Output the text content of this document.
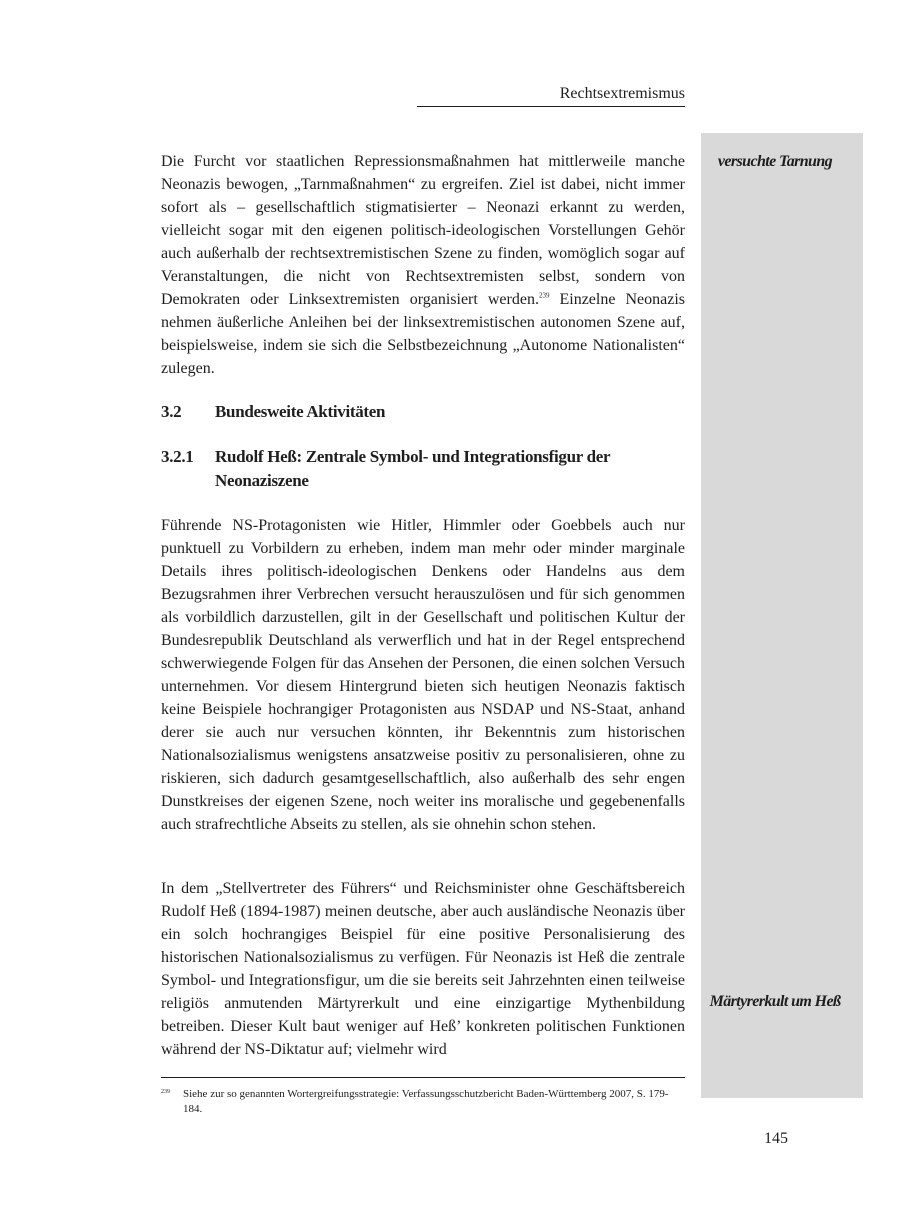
Rechtsextremismus
versuchte Tarnung
Märtyrerkult um Heß

Die Furcht vor staatlichen Repressionsmaßnahmen hat mittlerweile manche Neonazis bewogen, „Tarnmaßnahmen“ zu ergreifen. Ziel ist dabei, nicht immer sofort als – gesellschaftlich stigmatisierter – Neonazi erkannt zu werden, vielleicht sogar mit den eigenen politisch-ideologischen Vorstellungen Gehör auch außerhalb der rechtsextremistischen Szene zu finden, womöglich sogar auf Veranstaltungen, die nicht von Rechtsextremisten selbst, sondern von Demokraten oder Linksextremisten organisiert werden.$^{239}$ Einzelne Neonazis nehmen äußerliche Anleihen bei der linksextremistischen autonomen Szene auf, beispielsweise, indem sie sich die Selbstbezeichnung „Autonome Nationalisten“ zulegen.

3.2 Bundesweite Aktivitäten
3.2.1 Rudolf Heß: Zentrale Symbol- und Integrationsfigur der Neonaziszene

Führende NS-Protagonisten wie Hitler, Himmler oder Goebbels auch nur punktuell zu Vorbildern zu erheben, indem man mehr oder minder marginale Details ihres politisch-ideologischen Denkens oder Handelns aus dem Bezugsrahmen ihrer Verbrechen versucht herauszulösen und für sich genommen als vorbildlich darzustellen, gilt in der Gesellschaft und politischen Kultur der Bundesrepublik Deutschland als verwerflich und hat in der Regel entsprechend schwerwiegende Folgen für das Ansehen der Personen, die einen solchen Versuch unternehmen. Vor diesem Hintergrund bieten sich heutigen Neonazis faktisch keine Beispiele hochrangiger Protagonisten aus NSDAP und NS-Staat, anhand derer sie auch nur versuchen könnten, ihr Bekenntnis zum historischen Nationalsozialismus wenigstens ansatzweise positiv zu personalisieren, ohne zu riskieren, sich dadurch gesamtgesellschaftlich, also außerhalb des sehr engen Dunstkreises der eigenen Szene, noch weiter ins moralische und gegebenenfalls auch strafrechtliche Abseits zu stellen, als sie ohnehin schon stehen.

In dem „Stellvertreter des Führers“ und Reichsminister ohne Geschäftsbereich Rudolf Heß (1894-1987) meinen deutsche, aber auch ausländische Neonazis über ein solch hochrangiges Beispiel für eine positive Personalisierung des historischen Nationalsozialismus zu verfügen. Für Neonazis ist Heß die zentrale Symbol- und Integrationsfigur, um die sie bereits seit Jahrzehnten einen teilweise religiös anmutenden Märtyrerkult und eine einzigartige Mythenbildung betreiben. Dieser Kult baut weniger auf Heß’ konkreten politischen Funktionen während der NS-Diktatur auf; vielmehr wird

239 Siehe zur so genannten Wortergreifungsstrategie: Verfassungsschutzbericht Baden-Württemberg 2007, S. 179-184.
145
